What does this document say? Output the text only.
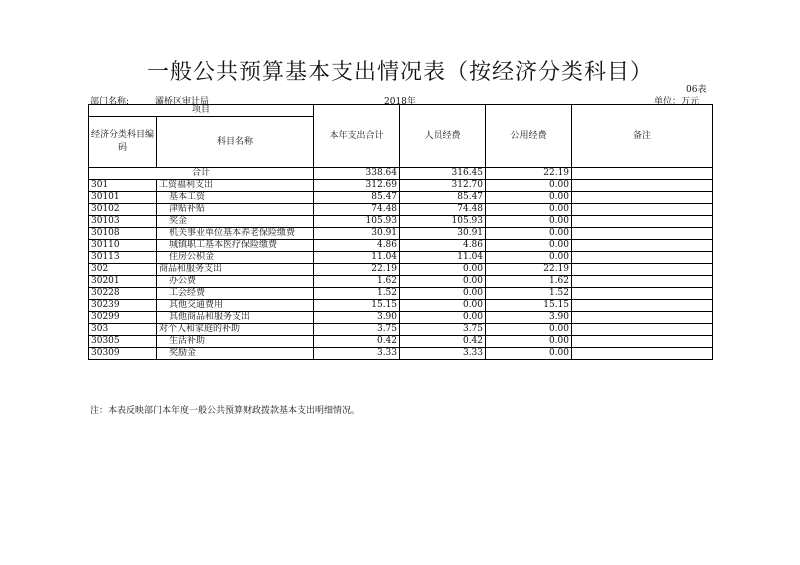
一般公共预算基本支出情况表（按经济分类科目）
06表
部门名称:	灞桥区审计局	2018年	单位：万元
项目		本年支出合计	人员经费	公用经费	备注
经济分类科目编码	科目名称				
合计		338.64	316.45	22.19	
301	工资福利支出	312.69	312.70	0.00	
30101	基本工资	85.47	85.47	0.00	
30102	津贴补贴	74.48	74.48	0.00	
30103	奖金	105.93	105.93	0.00	
30108	机关事业单位基本养老保险缴费	30.91	30.91	0.00	
30110	城镇职工基本医疗保险缴费	4.86	4.86	0.00	
30113	住房公积金	11.04	11.04	0.00	
302	商品和服务支出	22.19	0.00	22.19	
30201	办公费	1.62	0.00	1.62	
30228	工会经费	1.52	0.00	1.52	
30239	其他交通费用	15.15	0.00	15.15	
30299	其他商品和服务支出	3.90	0.00	3.90	
303	对个人和家庭的补助	3.75	3.75	0.00	
30305	生活补助	0.42	0.42	0.00	
30309	奖励金	3.33	3.33	0.00	
注：本表反映部门本年度一般公共预算财政拨款基本支出明细情况。
